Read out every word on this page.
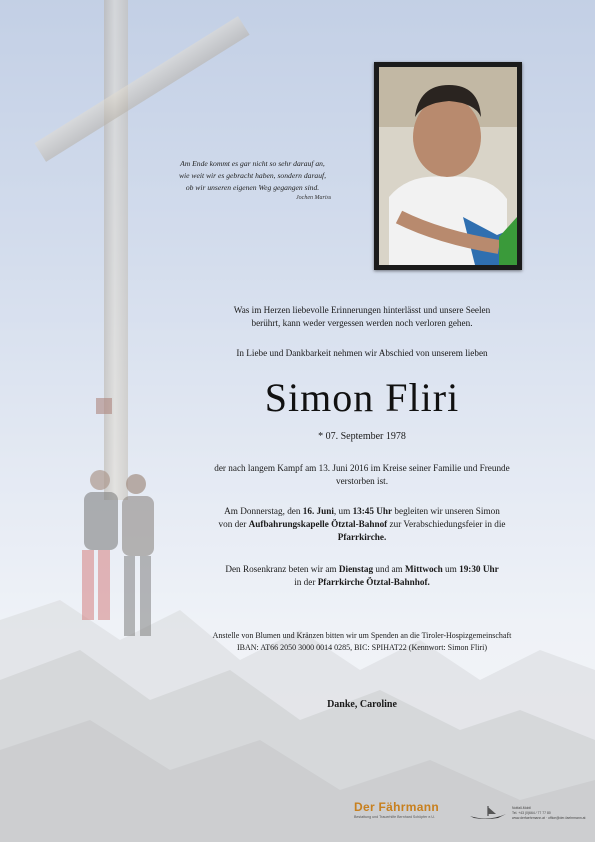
Am Ende kommt es gar nicht so sehr darauf an,
wie weit wir es gebracht haben, sondern darauf,
ob wir unseren eigenen Weg gegangen sind.
Jochen Mariss
Was im Herzen liebevolle Erinnerungen hinterlässt und unsere Seelen
berührt, kann weder vergessen werden noch verloren gehen.
In Liebe und Dankbarkeit nehmen wir Abschied von unserem lieben
Simon Fliri
* 07. September 1978
der nach langem Kampf am 13. Juni 2016 im Kreise seiner Familie und Freunde
verstorben ist.
Am Donnerstag, den 16. Juni, um 13:45 Uhr begleiten wir unseren Simon
von der Aufbahrungskapelle Ötztal-Bahnof zur Verabschiedungsfeier in die
Pfarrkirche.
Den Rosenkranz beten wir am Dienstag und am Mittwoch um 19:30 Uhr
in der Pfarrkirche Ötztal-Bahnhof.
Anstelle von Blumen und Kränzen bitten wir um Spenden an die Tiroler-Hospizgemeinschaft
IBAN: AT66 2050 3000 0014 0285, BIC: SPIHAT22 (Kennwort: Simon Fliri)
Danke, Caroline
Der Fährmann
Bestattung und Trauerhilfe Bernhard Schöpfer e.U.
Notfall-Mobil
Tel. +43 (0)664 / 77 77 80
www.derfaehrmann.at · office@der-faehrmann.at
